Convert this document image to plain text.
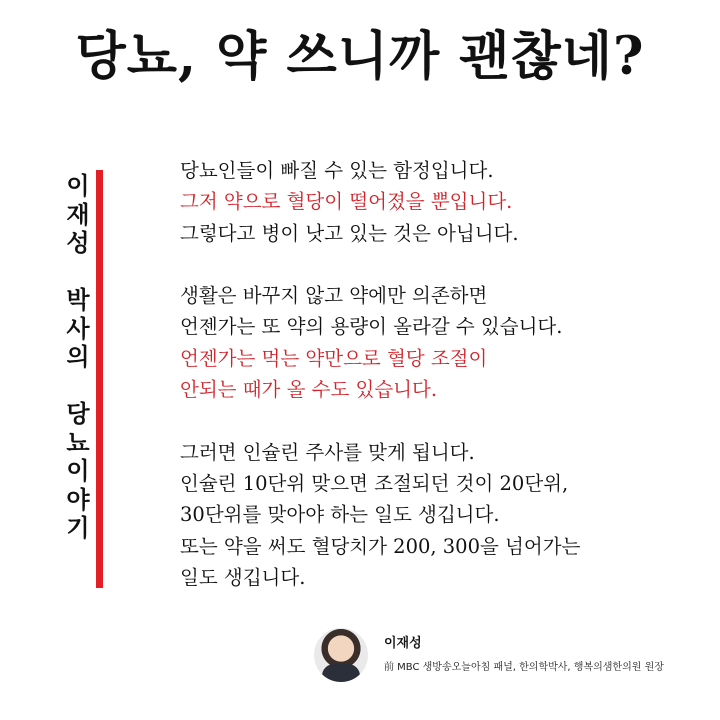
당뇨, 약 쓰니까 괜찮네?
이
재
성
박
사
의
당
뇨
이
야
기
당뇨인들이 빠질 수 있는 함정입니다.
그저 약으로 혈당이 떨어졌을 뿐입니다.
그렇다고 병이 낫고 있는 것은 아닙니다.
생활은 바꾸지 않고 약에만 의존하면
언젠가는 또 약의 용량이 올라갈 수 있습니다.
언젠가는 먹는 약만으로 혈당 조절이
안되는 때가 올 수도 있습니다.
그러면 인슐린 주사를 맞게 됩니다.
인슐린 10단위 맞으면 조절되던 것이 20단위,
30단위를 맞아야 하는 일도 생깁니다.
또는 약을 써도 혈당치가 200, 300을 넘어가는
일도 생깁니다.
이재성
前 MBC 생방송오늘아침 패널, 한의학박사, 행복의샘한의원 원장
